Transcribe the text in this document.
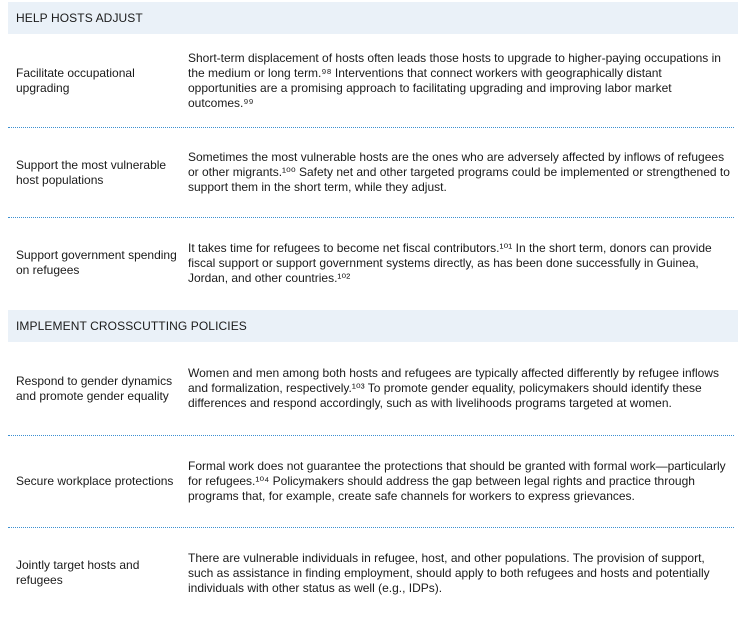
HELP HOSTS ADJUST
Facilitate occupational upgrading
Short-term displacement of hosts often leads those hosts to upgrade to higher-paying occupations in the medium or long term.⁹⁸ Interventions that connect workers with geographically distant opportunities are a promising approach to facilitating upgrading and improving labor market outcomes.⁹⁹
Support the most vulnerable host populations
Sometimes the most vulnerable hosts are the ones who are adversely affected by inflows of refugees or other migrants.¹⁰⁰ Safety net and other targeted programs could be implemented or strengthened to support them in the short term, while they adjust.
Support government spending on refugees
It takes time for refugees to become net fiscal contributors.¹⁰¹ In the short term, donors can provide fiscal support or support government systems directly, as has been done successfully in Guinea, Jordan, and other countries.¹⁰²
IMPLEMENT CROSSCUTTING POLICIES
Respond to gender dynamics and promote gender equality
Women and men among both hosts and refugees are typically affected differently by refugee inflows and formalization, respectively.¹⁰³ To promote gender equality, policymakers should identify these differences and respond accordingly, such as with livelihoods programs targeted at women.
Secure workplace protections
Formal work does not guarantee the protections that should be granted with formal work—particularly for refugees.¹⁰⁴ Policymakers should address the gap between legal rights and practice through programs that, for example, create safe channels for workers to express grievances.
Jointly target hosts and refugees
There are vulnerable individuals in refugee, host, and other populations. The provision of support, such as assistance in finding employment, should apply to both refugees and hosts and potentially individuals with other status as well (e.g., IDPs).
